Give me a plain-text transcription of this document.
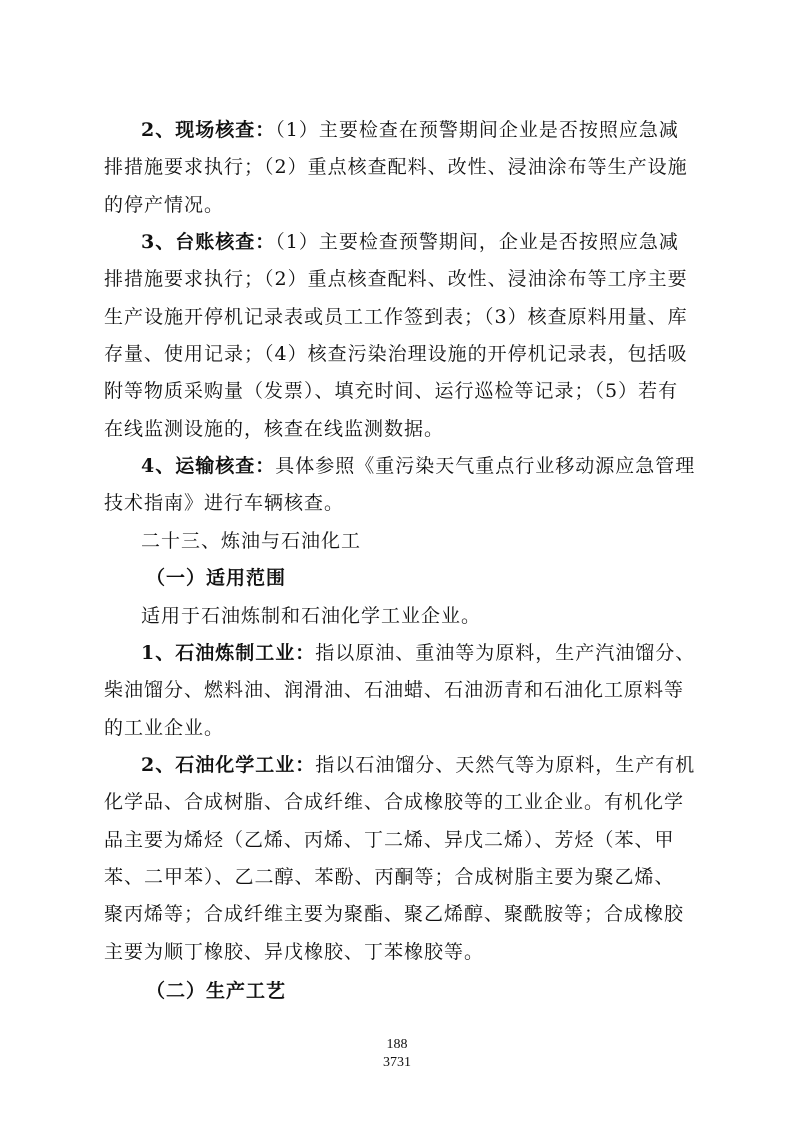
2、现场核查：（1）主要检查在预警期间企业是否按照应急减
排措施要求执行；（2）重点核查配料、改性、浸油涂布等生产设施
的停产情况。
3、台账核查：（1）主要检查预警期间，企业是否按照应急减
排措施要求执行；（2）重点核查配料、改性、浸油涂布等工序主要
生产设施开停机记录表或员工工作签到表；（3）核查原料用量、库
存量、使用记录；（4）核查污染治理设施的开停机记录表，包括吸
附等物质采购量（发票）、填充时间、运行巡检等记录；（5）若有
在线监测设施的，核查在线监测数据。
4、运输核查：具体参照《重污染天气重点行业移动源应急管理
技术指南》进行车辆核查。
二十三、炼油与石油化工
（一）适用范围
适用于石油炼制和石油化学工业企业。
1、石油炼制工业：指以原油、重油等为原料，生产汽油馏分、
柴油馏分、燃料油、润滑油、石油蜡、石油沥青和石油化工原料等
的工业企业。
2、石油化学工业：指以石油馏分、天然气等为原料，生产有机
化学品、合成树脂、合成纤维、合成橡胶等的工业企业。有机化学
品主要为烯烃（乙烯、丙烯、丁二烯、异戊二烯）、芳烃（苯、甲
苯、二甲苯）、乙二醇、苯酚、丙酮等；合成树脂主要为聚乙烯、
聚丙烯等；合成纤维主要为聚酯、聚乙烯醇、聚酰胺等；合成橡胶
主要为顺丁橡胶、异戊橡胶、丁苯橡胶等。
（二）生产工艺
188
3731
